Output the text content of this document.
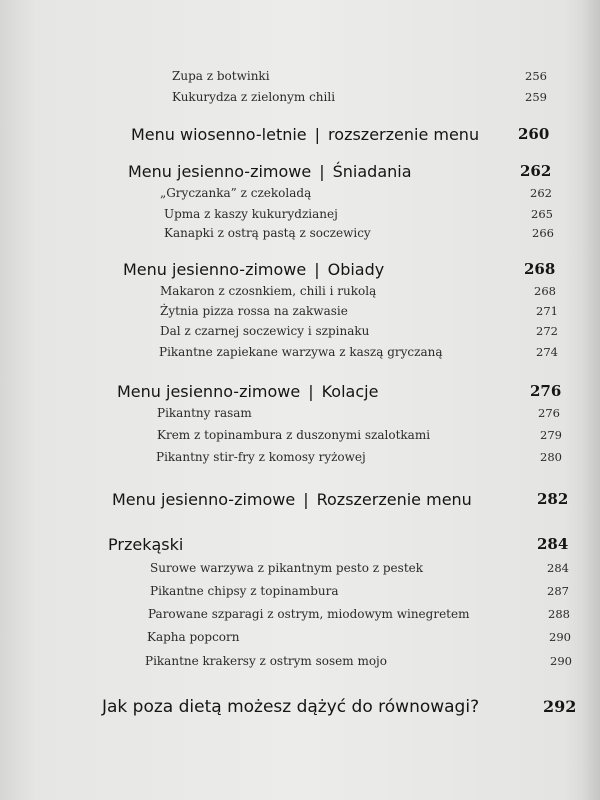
Zupa z botwinki	256
Kukurydza z zielonym chili	259
Menu wiosenno-letnie | rozszerzenie menu	260
Menu jesienno-zimowe | Śniadania	262
„Gryczanka” z czekoladą	262
Upma z kaszy kukurydzianej	265
Kanapki z ostrą pastą z soczewicy	266
Menu jesienno-zimowe | Obiady	268
Makaron z czosnkiem, chili i rukolą	268
Żytnia pizza rossa na zakwasie	271
Dal z czarnej soczewicy i szpinaku	272
Pikantne zapiekane warzywa z kaszą gryczaną	274
Menu jesienno-zimowe | Kolacje	276
Pikantny rasam	276
Krem z topinambura z duszonymi szalotkami	279
Pikantny stir-fry z komosy ryżowej	280
Menu jesienno-zimowe | Rozszerzenie menu	282
Przekąski	284
Surowe warzywa z pikantnym pesto z pestek	284
Pikantne chipsy z topinambura	287
Parowane szparagi z ostrym, miodowym winegretem	288
Kapha popcorn	290
Pikantne krakersy z ostrym sosem mojo	290
Jak poza dietą możesz dążyć do równowagi?	292
